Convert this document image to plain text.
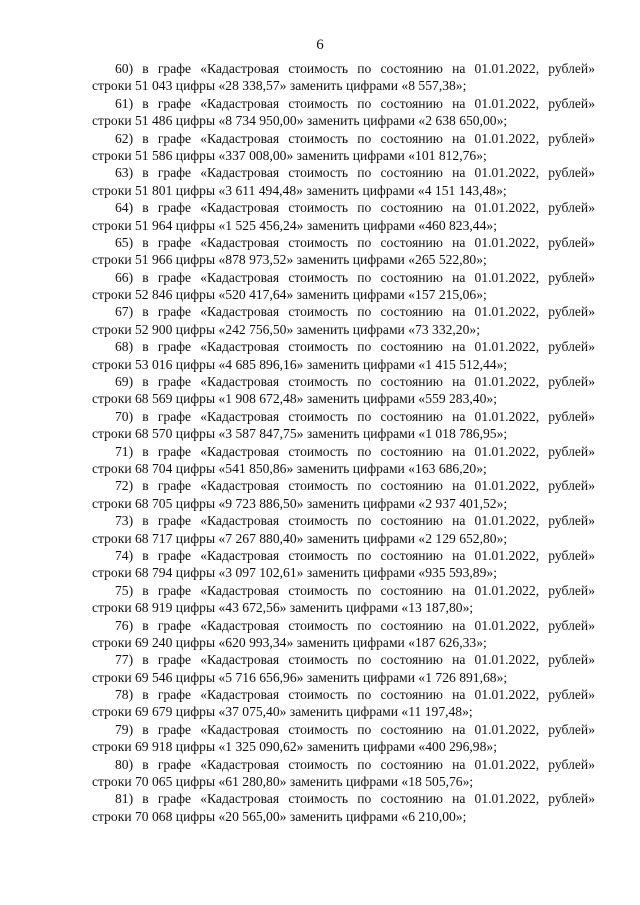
6

60) в графе «Кадастровая стоимость по состоянию на 01.01.2022, рублей»
строки 51 043 цифры «28 338,57» заменить цифрами «8 557,38»;

61) в графе «Кадастровая стоимость по состоянию на 01.01.2022, рублей»
строки 51 486 цифры «8 734 950,00» заменить цифрами «2 638 650,00»;

62) в графе «Кадастровая стоимость по состоянию на 01.01.2022, рублей»
строки 51 586 цифры «337 008,00» заменить цифрами «101 812,76»;

63) в графе «Кадастровая стоимость по состоянию на 01.01.2022, рублей»
строки 51 801 цифры «3 611 494,48» заменить цифрами «4 151 143,48»;

64) в графе «Кадастровая стоимость по состоянию на 01.01.2022, рублей»
строки 51 964 цифры «1 525 456,24» заменить цифрами «460 823,44»;

65) в графе «Кадастровая стоимость по состоянию на 01.01.2022, рублей»
строки 51 966 цифры «878 973,52» заменить цифрами «265 522,80»;

66) в графе «Кадастровая стоимость по состоянию на 01.01.2022, рублей»
строки 52 846 цифры «520 417,64» заменить цифрами «157 215,06»;

67) в графе «Кадастровая стоимость по состоянию на 01.01.2022, рублей»
строки 52 900 цифры «242 756,50» заменить цифрами «73 332,20»;

68) в графе «Кадастровая стоимость по состоянию на 01.01.2022, рублей»
строки 53 016 цифры «4 685 896,16» заменить цифрами «1 415 512,44»;

69) в графе «Кадастровая стоимость по состоянию на 01.01.2022, рублей»
строки 68 569 цифры «1 908 672,48» заменить цифрами «559 283,40»;

70) в графе «Кадастровая стоимость по состоянию на 01.01.2022, рублей»
строки 68 570 цифры «3 587 847,75» заменить цифрами «1 018 786,95»;

71) в графе «Кадастровая стоимость по состоянию на 01.01.2022, рублей»
строки 68 704 цифры «541 850,86» заменить цифрами «163 686,20»;

72) в графе «Кадастровая стоимость по состоянию на 01.01.2022, рублей»
строки 68 705 цифры «9 723 886,50» заменить цифрами «2 937 401,52»;

73) в графе «Кадастровая стоимость по состоянию на 01.01.2022, рублей»
строки 68 717 цифры «7 267 880,40» заменить цифрами «2 129 652,80»;

74) в графе «Кадастровая стоимость по состоянию на 01.01.2022, рублей»
строки 68 794 цифры «3 097 102,61» заменить цифрами «935 593,89»;

75) в графе «Кадастровая стоимость по состоянию на 01.01.2022, рублей»
строки 68 919 цифры «43 672,56» заменить цифрами «13 187,80»;

76) в графе «Кадастровая стоимость по состоянию на 01.01.2022, рублей»
строки 69 240 цифры «620 993,34» заменить цифрами «187 626,33»;

77) в графе «Кадастровая стоимость по состоянию на 01.01.2022, рублей»
строки 69 546 цифры «5 716 656,96» заменить цифрами «1 726 891,68»;

78) в графе «Кадастровая стоимость по состоянию на 01.01.2022, рублей»
строки 69 679 цифры «37 075,40» заменить цифрами «11 197,48»;

79) в графе «Кадастровая стоимость по состоянию на 01.01.2022, рублей»
строки 69 918 цифры «1 325 090,62» заменить цифрами «400 296,98»;

80) в графе «Кадастровая стоимость по состоянию на 01.01.2022, рублей»
строки 70 065 цифры «61 280,80» заменить цифрами «18 505,76»;

81) в графе «Кадастровая стоимость по состоянию на 01.01.2022, рублей»
строки 70 068 цифры «20 565,00» заменить цифрами «6 210,00»;
